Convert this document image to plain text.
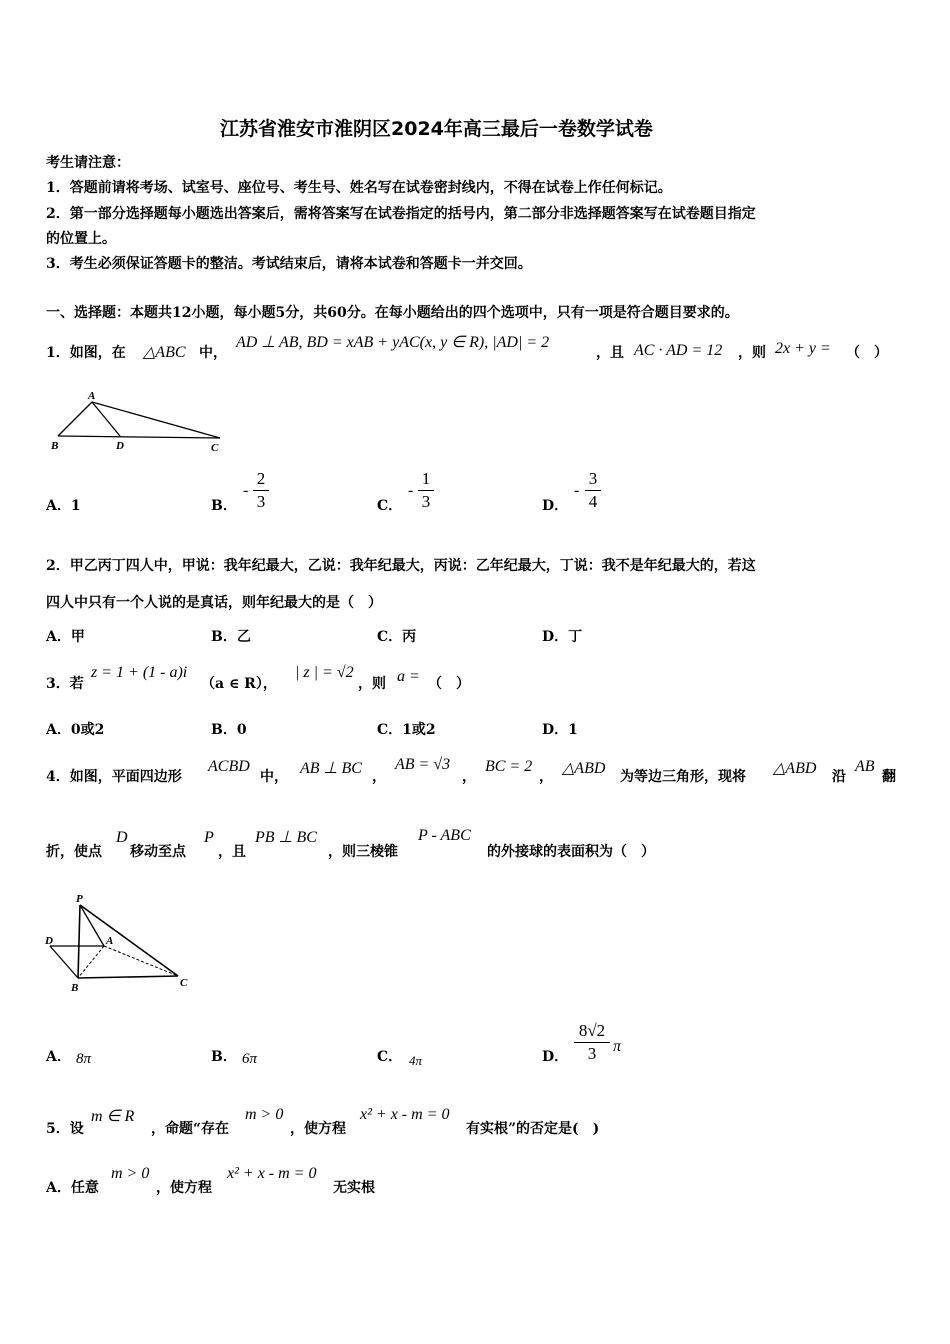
江苏省淮安市淮阴区2024年高三最后一卷数学试卷
考生请注意：
1．答题前请将考场、试室号、座位号、考生号、姓名写在试卷密封线内，不得在试卷上作任何标记。
2．第一部分选择题每小题选出答案后，需将答案写在试卷指定的括号内，第二部分非选择题答案写在试卷题目指定
的位置上。
3．考生必须保证答题卡的整洁。考试结束后，请将本试卷和答题卡一并交回。
一、选择题：本题共12小题，每小题5分，共60分。在每小题给出的四个选项中，只有一项是符合题目要求的。
1．如图，在 △ABC 中，
AD ⊥ AB, BD = xAB + yAC(x, y ∈ R), |AD| = 2
，且 AC · AD = 12 ，则 2x + y = （　）
A
B	D	C
A．1	B．
-
2
3	C．
-
1
3	D．
-
3
4
2．甲乙丙丁四人中，甲说：我年纪最大，乙说：我年纪最大，丙说：乙年纪最大，丁说：我不是年纪最大的，若这
四人中只有一个人说的是真话，则年纪最大的是（　）
A．甲	B．乙	C．丙	D．丁
3．若
z = 1 + (1 - a)i
（a ∈ R），
| z | = √2
，则 a = （　）
A．0或2	B．0	C．1或2	D．1
4．如图，平面四边形
ACBD
中， AB ⊥ BC ，
AB = √3
，
BC = 2
， △ABD 为等边三角形，现将 △ABD 沿
AB
翻
折，使点
D
移动至点
P
，且
PB ⊥ BC
，则三棱锥
P - ABC
的外接球的表面积为（　）
P
D	A
B	C
A． 8π	B． 6π	C． 4π	D．
8√2
3	π
5．设
m ∈ R
，命题“存在
m > 0
，使方程
x² + x - m = 0
有实根”的否定是(　)
A．任意
m > 0
，使方程
x² + x - m = 0
无实根
